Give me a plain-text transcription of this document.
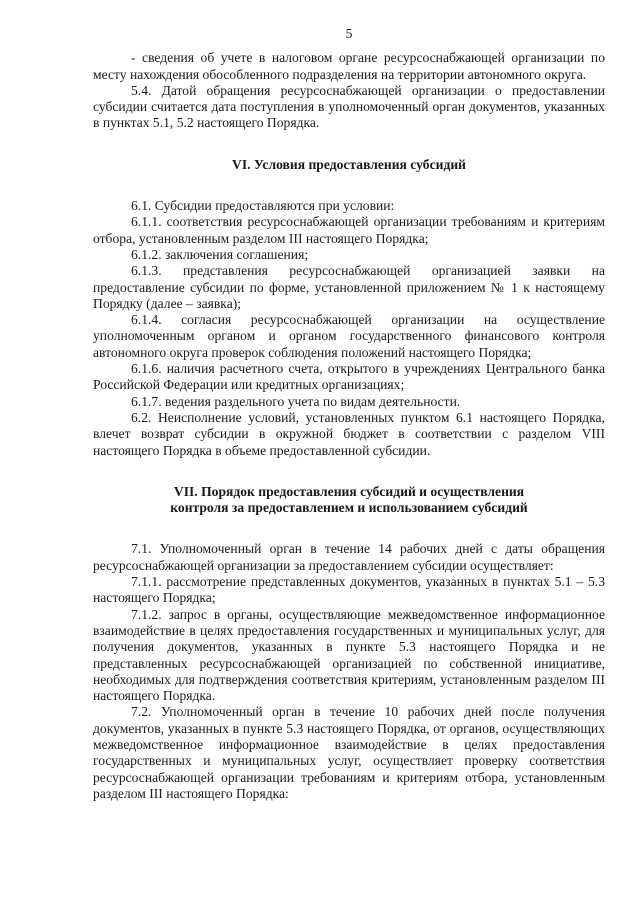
5

- сведения об учете в налоговом органе ресурсоснабжающей организации по месту нахождения обособленного подразделения на территории автономного округа.

5.4. Датой обращения ресурсоснабжающей организации о предоставлении субсидии считается дата поступления в уполномоченный орган документов, указанных в пунктах 5.1, 5.2 настоящего Порядка.

VI. Условия предоставления субсидий

6.1. Субсидии предоставляются при условии:

6.1.1. соответствия ресурсоснабжающей организации требованиям и критериям отбора, установленным разделом III настоящего Порядка;

6.1.2. заключения соглашения;

6.1.3. представления ресурсоснабжающей организацией заявки на предоставление субсидии по форме, установленной приложением № 1 к настоящему Порядку (далее – заявка);

6.1.4. согласия ресурсоснабжающей организации на осуществление уполномоченным органом и органом государственного финансового контроля автономного округа проверок соблюдения положений настоящего Порядка;

6.1.6. наличия расчетного счета, открытого в учреждениях Центрального банка Российской Федерации или кредитных организациях;

6.1.7. ведения раздельного учета по видам деятельности.

6.2. Неисполнение условий, установленных пунктом 6.1 настоящего Порядка, влечет возврат субсидии в окружной бюджет в соответствии с разделом VIII настоящего Порядка в объеме предоставленной субсидии.

VII. Порядок предоставления субсидий и осуществления
контроля за предоставлением и использованием субсидий

7.1. Уполномоченный орган в течение 14 рабочих дней с даты обращения ресурсоснабжающей организации за предоставлением субсидии осуществляет:

7.1.1. рассмотрение представленных документов, указанных в пунктах 5.1 – 5.3 настоящего Порядка;

7.1.2. запрос в органы, осуществляющие межведомственное информационное взаимодействие в целях предоставления государственных и муниципальных услуг, для получения документов, указанных в пункте 5.3 настоящего Порядка и не представленных ресурсоснабжающей организацией по собственной инициативе, необходимых для подтверждения соответствия критериям, установленным разделом III настоящего Порядка.

7.2. Уполномоченный орган в течение 10 рабочих дней после получения документов, указанных в пункте 5.3 настоящего Порядка, от органов, осуществляющих межведомственное информационное взаимодействие в целях предоставления государственных и муниципальных услуг, осуществляет проверку соответствия ресурсоснабжающей организации требованиям и критериям отбора, установленным разделом III настоящего Порядка:
